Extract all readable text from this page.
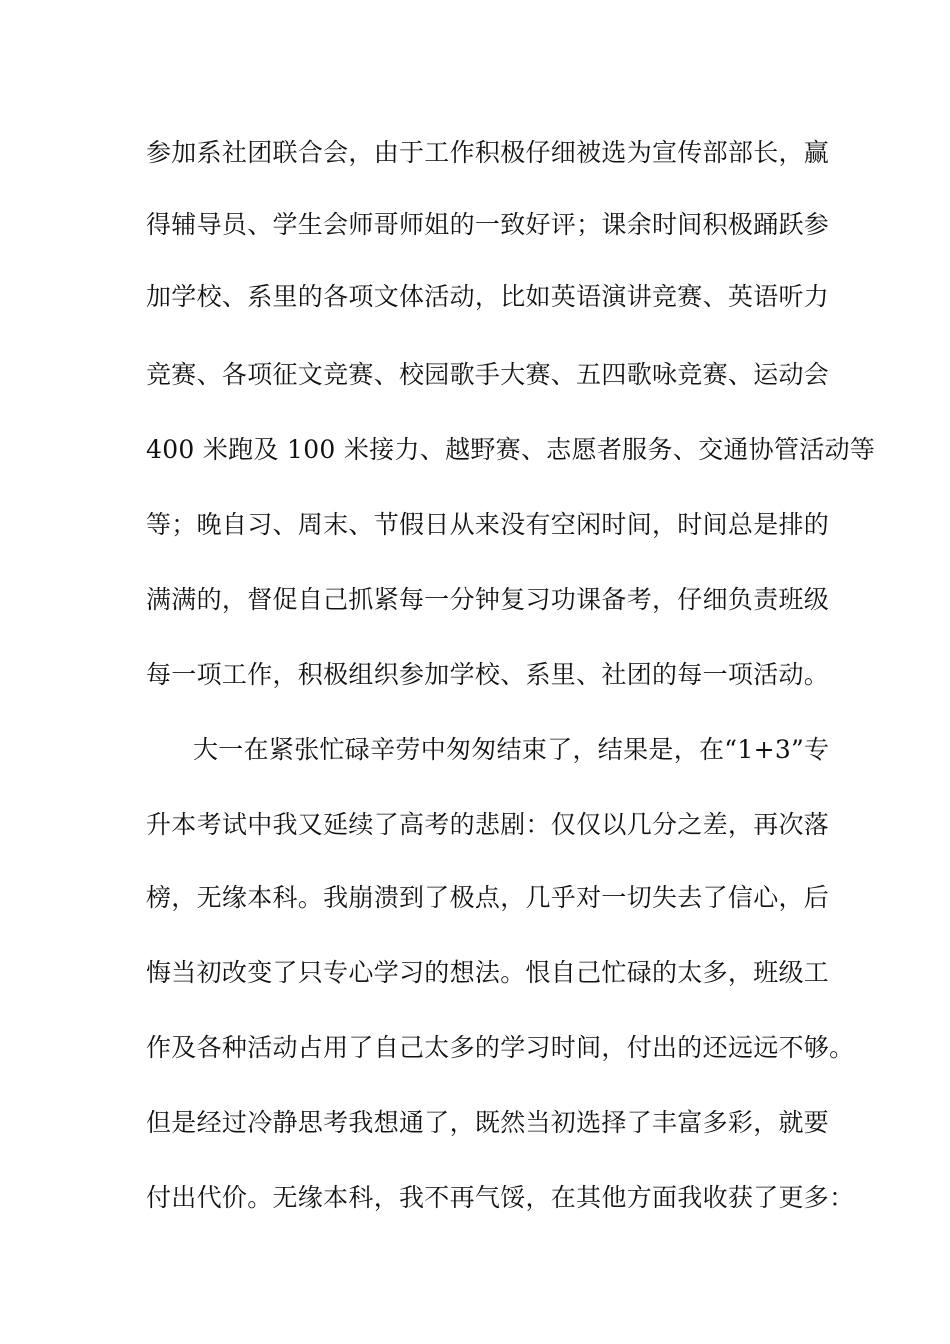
参加系社团联合会，由于工作积极仔细被选为宣传部部长，赢
得辅导员、学生会师哥师姐的一致好评；课余时间积极踊跃参
加学校、系里的各项文体活动，比如英语演讲竞赛、英语听力
竞赛、各项征文竞赛、校园歌手大赛、五四歌咏竞赛、运动会
400 米跑及 100 米接力、越野赛、志愿者服务、交通协管活动等
等；晚自习、周末、节假日从来没有空闲时间，时间总是排的
满满的，督促自己抓紧每一分钟复习功课备考，仔细负责班级
每一项工作，积极组织参加学校、系里、社团的每一项活动。
大一在紧张忙碌辛劳中匆匆结束了，结果是，在“1+3”专
升本考试中我又延续了高考的悲剧：仅仅以几分之差，再次落
榜，无缘本科。我崩溃到了极点，几乎对一切失去了信心，后
悔当初改变了只专心学习的想法。恨自己忙碌的太多，班级工
作及各种活动占用了自己太多的学习时间，付出的还远远不够。
但是经过冷静思考我想通了，既然当初选择了丰富多彩，就要
付出代价。无缘本科，我不再气馁，在其他方面我收获了更多：
